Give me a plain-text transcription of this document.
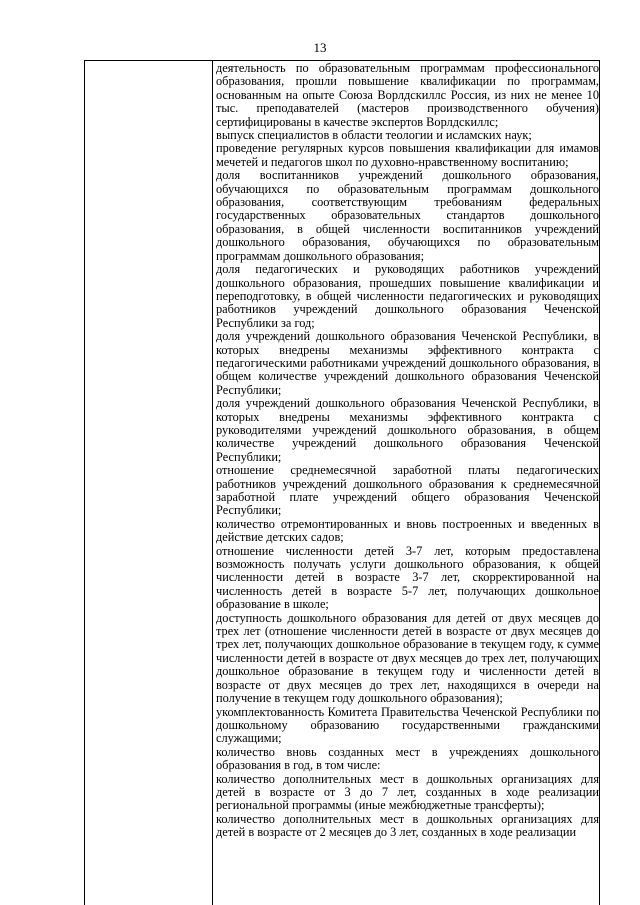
13

деятельность по образовательным программам профессионального образования, прошли повышение квалификации по программам, основанным на опыте Союза Ворлдскиллс Россия, из них не менее 10 тыс. преподавателей (мастеров производственного обучения) сертифицированы в качестве экспертов Ворлдскиллс;

выпуск специалистов в области теологии и исламских наук;

проведение регулярных курсов повышения квалификации для имамов мечетей и педагогов школ по духовно-нравственному воспитанию;

доля воспитанников учреждений дошкольного образования, обучающихся по образовательным программам дошкольного образования, соответствующим требованиям федеральных государственных образовательных стандартов дошкольного образования, в общей численности воспитанников учреждений дошкольного образования, обучающихся по образовательным программам дошкольного образования;

доля педагогических и руководящих работников учреждений дошкольного образования, прошедших повышение квалификации и переподготовку, в общей численности педагогических и руководящих работников учреждений дошкольного образования Чеченской Республики за год;

доля учреждений дошкольного образования Чеченской Республики, в которых внедрены механизмы эффективного контракта с педагогическими работниками учреждений дошкольного образования, в общем количестве учреждений дошкольного образования Чеченской Республики;

доля учреждений дошкольного образования Чеченской Республики, в которых внедрены механизмы эффективного контракта с руководителями учреждений дошкольного образования, в общем количестве учреждений дошкольного образования Чеченской Республики;

отношение среднемесячной заработной платы педагогических работников учреждений дошкольного образования к среднемесячной заработной плате учреждений общего образования Чеченской Республики;

количество отремонтированных и вновь построенных и введенных в действие детских садов;

отношение численности детей 3-7 лет, которым предоставлена возможность получать услуги дошкольного образования, к общей численности детей в возрасте 3-7 лет, скорректированной на численность детей в возрасте 5-7 лет, получающих дошкольное образование в школе;

доступность дошкольного образования для детей от двух месяцев до трех лет (отношение численности детей в возрасте от двух месяцев до трех лет, получающих дошкольное образование в текущем году, к сумме численности детей в возрасте от двух месяцев до трех лет, получающих дошкольное образование в текущем году и численности детей в возрасте от двух месяцев до трех лет, находящихся в очереди на получение в текущем году дошкольного образования);

укомплектованность Комитета Правительства Чеченской Республики по дошкольному образованию государственными гражданскими служащими;

количество вновь созданных мест в учреждениях дошкольного образования в год, в том числе:

количество дополнительных мест в дошкольных организациях для детей в возрасте от 3 до 7 лет, созданных в ходе реализации региональной программы (иные межбюджетные трансферты);

количество дополнительных мест в дошкольных организациях для детей в возрасте от 2 месяцев до 3 лет, созданных в ходе реализации
